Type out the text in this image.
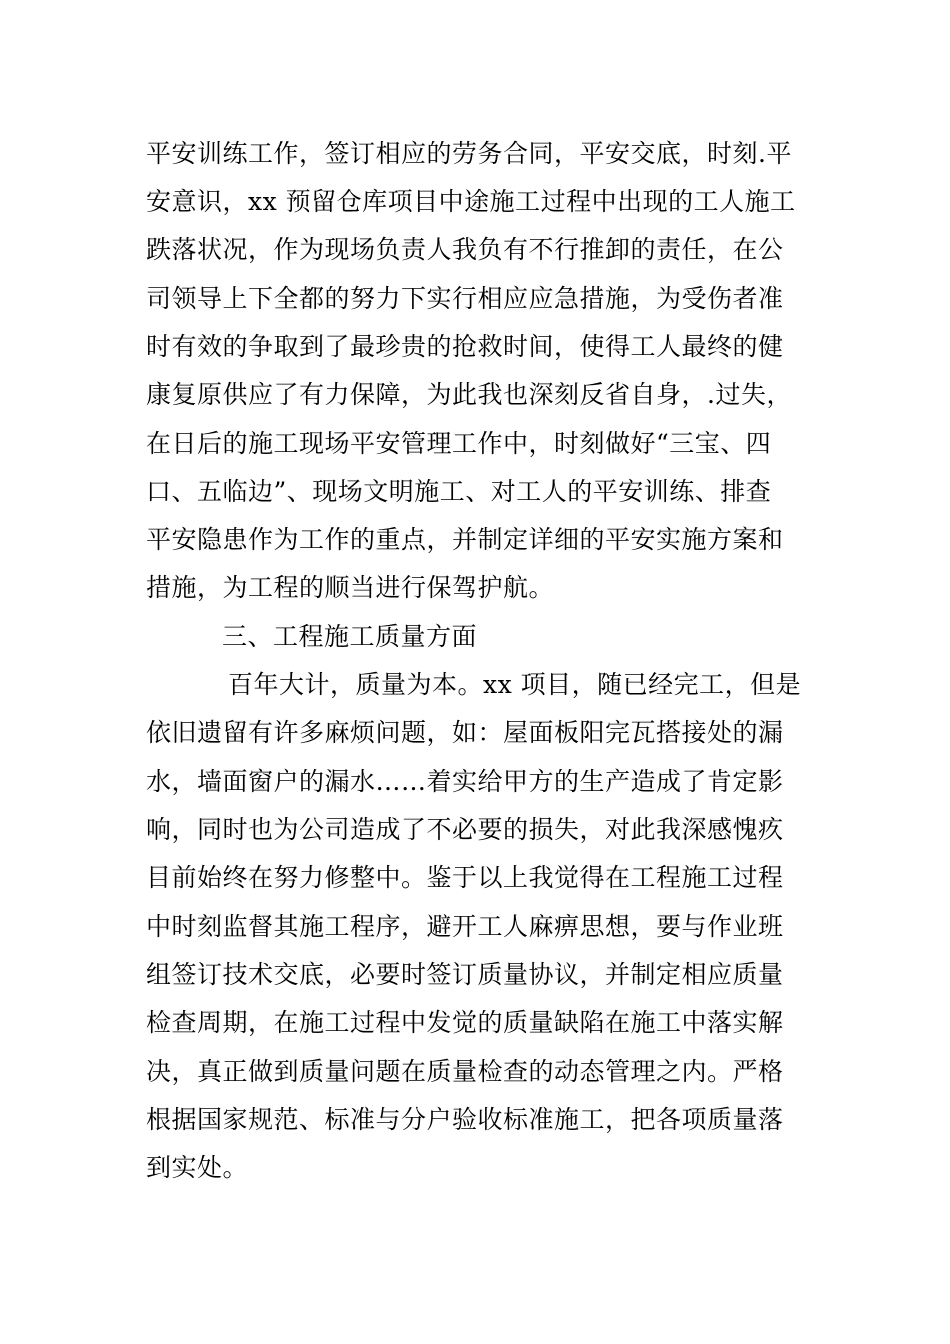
平安训练工作，签订相应的劳务合同，平安交底，时刻.平
安意识，xx 预留仓库项目中途施工过程中出现的工人施工
跌落状况，作为现场负责人我负有不行推卸的责任，在公
司领导上下全都的努力下实行相应应急措施，为受伤者准
时有效的争取到了最珍贵的抢救时间，使得工人最终的健
康复原供应了有力保障，为此我也深刻反省自身，.过失，
在日后的施工现场平安管理工作中，时刻做好“三宝、四
口、五临边”、现场文明施工、对工人的平安训练、排查
平安隐患作为工作的重点，并制定详细的平安实施方案和
措施，为工程的顺当进行保驾护航。
三、工程施工质量方面
百年大计，质量为本。xx 项目，随已经完工，但是
依旧遗留有许多麻烦问题，如：屋面板阳完瓦搭接处的漏
水，墙面窗户的漏水……着实给甲方的生产造成了肯定影
响，同时也为公司造成了不必要的损失，对此我深感愧疚
目前始终在努力修整中。鉴于以上我觉得在工程施工过程
中时刻监督其施工程序，避开工人麻痹思想，要与作业班
组签订技术交底，必要时签订质量协议，并制定相应质量
检查周期，在施工过程中发觉的质量缺陷在施工中落实解
决，真正做到质量问题在质量检查的动态管理之内。严格
根据国家规范、标准与分户验收标准施工，把各项质量落
到实处。
